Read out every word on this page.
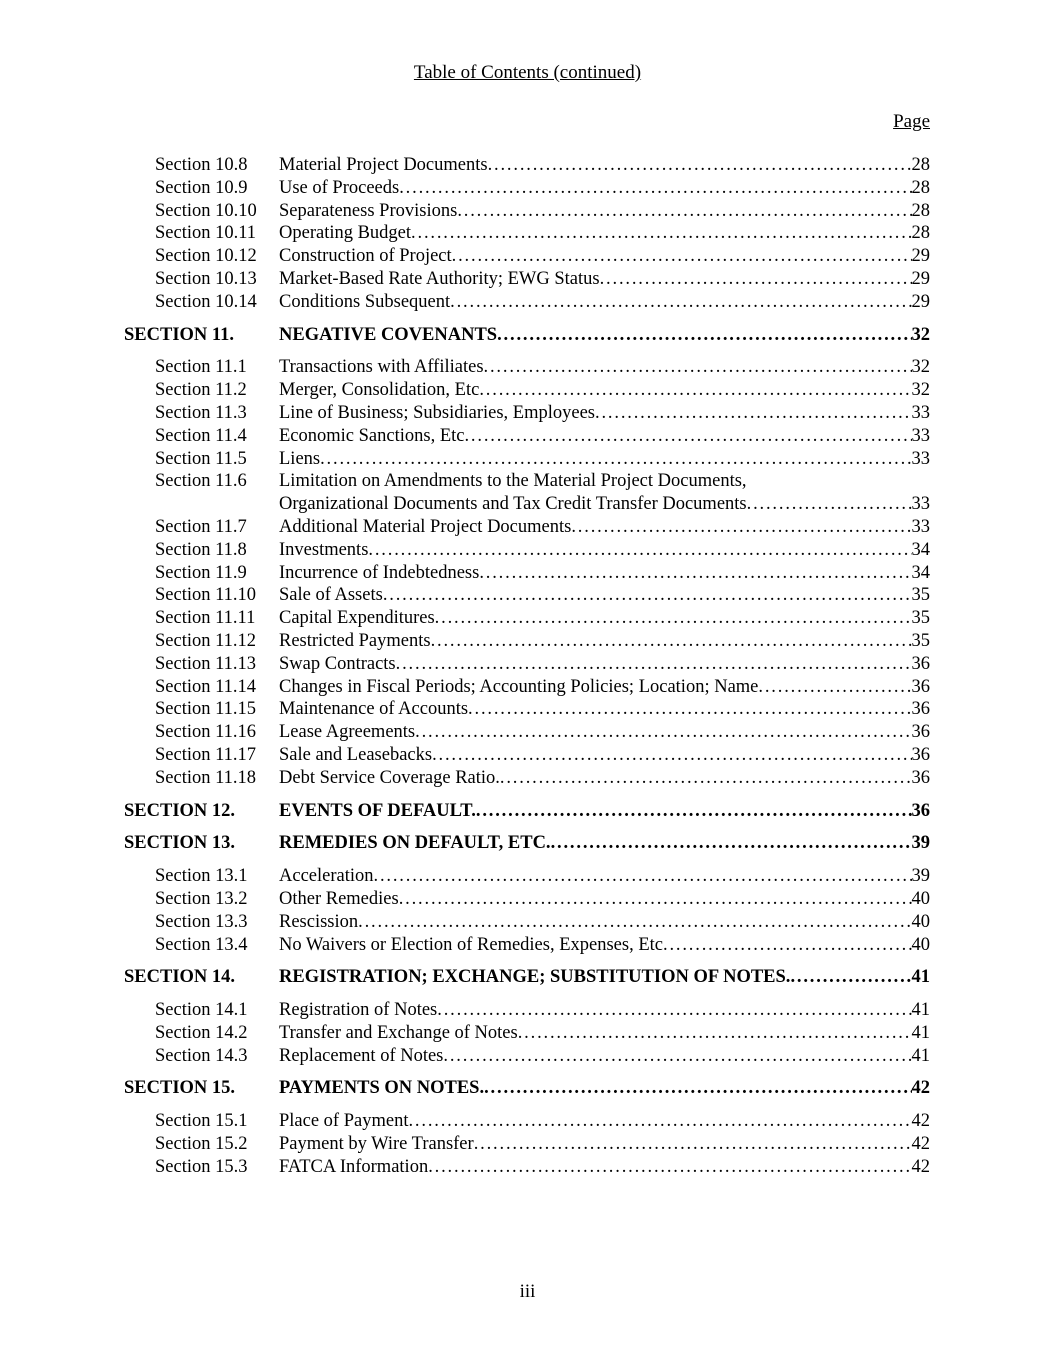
Table of Contents (continued)
Page
Section 10.8 Material Project Documents . . .	28
Section 10.9 Use of Proceeds . . .	28
Section 10.10 Separateness Provisions . . .	28
Section 10.11 Operating Budget . . .	28
Section 10.12 Construction of Project . . .	29
Section 10.13 Market-Based Rate Authority; EWG Status . . .	29
Section 10.14 Conditions Subsequent . . .	29
SECTION 11. NEGATIVE COVENANTS . . .	32
Section 11.1 Transactions with Affiliates . . .	32
Section 11.2 Merger, Consolidation, Etc . . .	32
Section 11.3 Line of Business; Subsidiaries, Employees . . .	33
Section 11.4 Economic Sanctions, Etc . . .	33
Section 11.5 Liens . . .	33
Section 11.6 Limitation on Amendments to the Material Project Documents,
Organizational Documents and Tax Credit Transfer Documents . . .	33
Section 11.7 Additional Material Project Documents . . .	33
Section 11.8 Investments . . .	34
Section 11.9 Incurrence of Indebtedness . . .	34
Section 11.10 Sale of Assets . . .	35
Section 11.11 Capital Expenditures . . .	35
Section 11.12 Restricted Payments . . .	35
Section 11.13 Swap Contracts . . .	36
Section 11.14 Changes in Fiscal Periods; Accounting Policies; Location; Name . . .	36
Section 11.15 Maintenance of Accounts . . .	36
Section 11.16 Lease Agreements . . .	36
Section 11.17 Sale and Leasebacks . . .	36
Section 11.18 Debt Service Coverage Ratio. . . .	36
SECTION 12. EVENTS OF DEFAULT. . . .	36
SECTION 13. REMEDIES ON DEFAULT, ETC. . . .	39
Section 13.1 Acceleration . . .	39
Section 13.2 Other Remedies . . .	40
Section 13.3 Rescission . . .	40
Section 13.4 No Waivers or Election of Remedies, Expenses, Etc . . .	40
SECTION 14. REGISTRATION; EXCHANGE; SUBSTITUTION OF NOTES. . . .	41
Section 14.1 Registration of Notes . . .	41
Section 14.2 Transfer and Exchange of Notes . . .	41
Section 14.3 Replacement of Notes . . .	41
SECTION 15. PAYMENTS ON NOTES. . . .	42
Section 15.1 Place of Payment . . .	42
Section 15.2 Payment by Wire Transfer . . .	42
Section 15.3 FATCA Information . . .	42
iii
